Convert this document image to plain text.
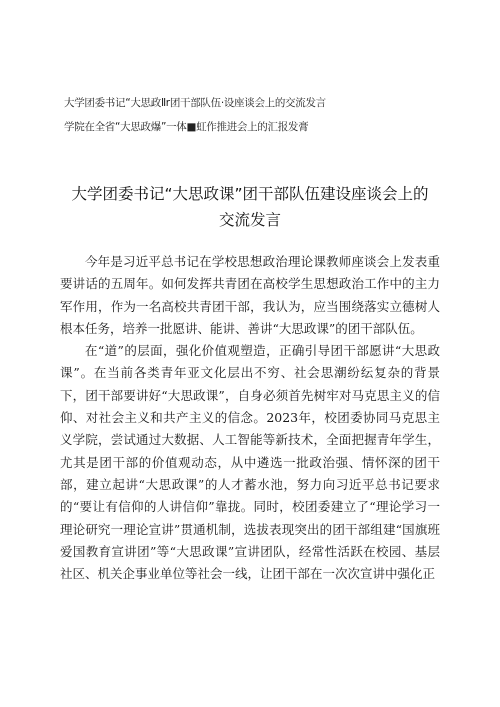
大学团委书记“大思政Ⅱr团干部队伍·设座谈会上的交流发言
学院在全省“大思政爆”一体■虹作推进会上的汇报发膏
大学团委书记“大思政课”团干部队伍建设座谈会上的
交流发言

今年是习近平总书记在学校思想政治理论课教师座谈会上发表重要讲话的五周年。如何发挥共青团在高校学生思想政治工作中的主力军作用，作为一名高校共青团干部，我认为，应当围绕落实立德树人根本任务，培养一批愿讲、能讲、善讲“大思政课”的团干部队伍。

在“道”的层面，强化价值观塑造，正确引导团干部愿讲“大思政课”。在当前各类青年亚文化层出不穷、社会思潮纷纭复杂的背景下，团干部要讲好“大思政课”，自身必须首先树牢对马克思主义的信仰、对社会主义和共产主义的信念。2023年，校团委协同马克思主义学院，尝试通过大数据、人工智能等新技术，全面把握青年学生，尤其是团干部的价值观动态，从中遴选一批政治强、情怀深的团干部，建立起讲“大思政课”的人才蓄水池，努力向习近平总书记要求的“要让有信仰的人讲信仰”靠拢。同时，校团委建立了“理论学习一理论研究一理论宣讲”贯通机制，选拔表现突出的团干部组建“国旗班爱国教育宣讲团”等“大思政课”宣讲团队，经常性活跃在校园、基层社区、机关企事业单位等社会一线，让团干部在一次次宣讲中强化正
